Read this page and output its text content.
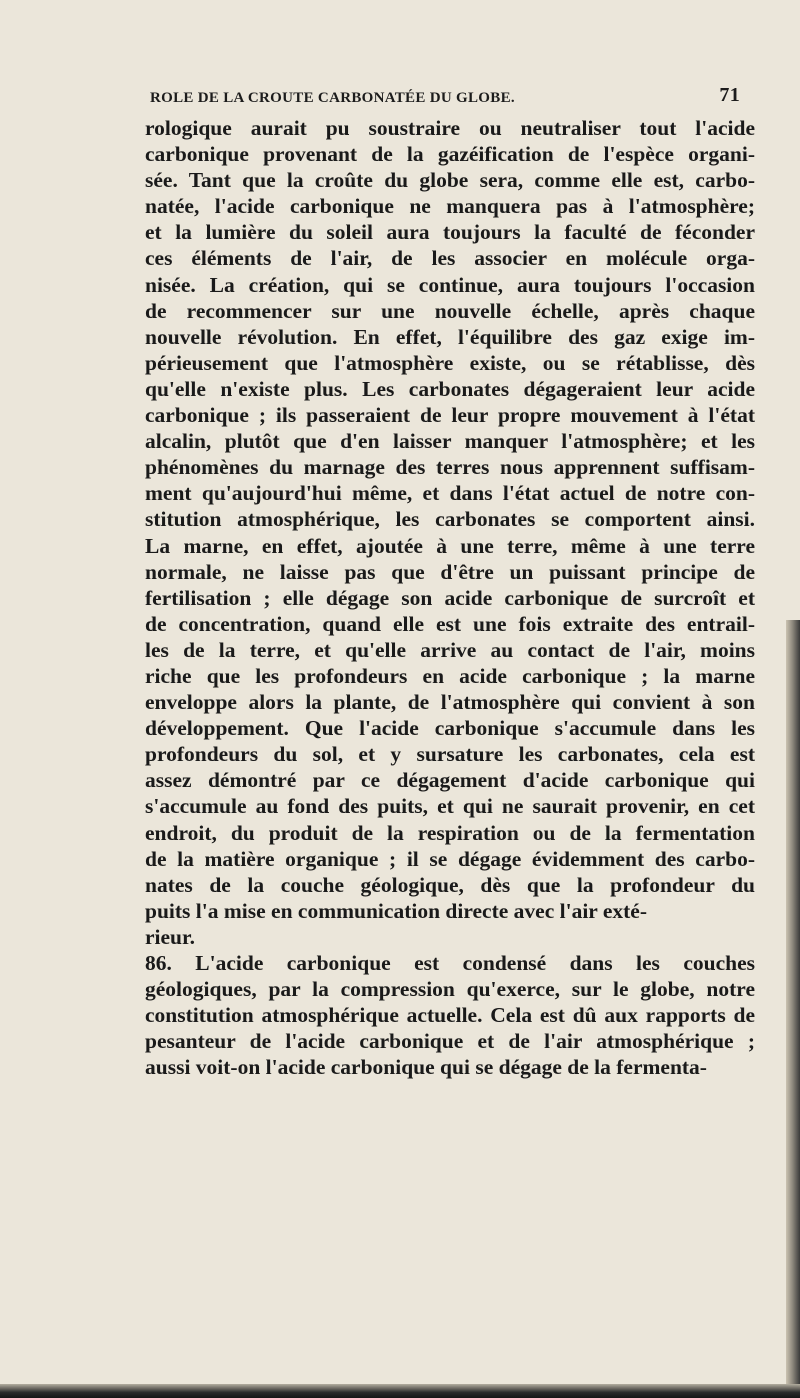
ROLE DE LA CROUTE CARBONATÉE DU GLOBE.	71
rologique aurait pu soustraire ou neutraliser tout l'acide
carbonique provenant de la gazéification de l'espèce organi-
sée. Tant que la croûte du globe sera, comme elle est, carbo-
natée, l'acide carbonique ne manquera pas à l'atmosphère;
et la lumière du soleil aura toujours la faculté de féconder
ces éléments de l'air, de les associer en molécule orga-
nisée. La création, qui se continue, aura toujours l'occasion
de recommencer sur une nouvelle échelle, après chaque
nouvelle révolution. En effet, l'équilibre des gaz exige im-
périeusement que l'atmosphère existe, ou se rétablisse, dès
qu'elle n'existe plus. Les carbonates dégageraient leur acide
carbonique ; ils passeraient de leur propre mouvement à l'état
alcalin, plutôt que d'en laisser manquer l'atmosphère; et les
phénomènes du marnage des terres nous apprennent suffisam-
ment qu'aujourd'hui même, et dans l'état actuel de notre con-
stitution atmosphérique, les carbonates se comportent ainsi.
La marne, en effet, ajoutée à une terre, même à une terre
normale, ne laisse pas que d'être un puissant principe de
fertilisation ; elle dégage son acide carbonique de surcroît et
de concentration, quand elle est une fois extraite des entrail-
les de la terre, et qu'elle arrive au contact de l'air, moins
riche que les profondeurs en acide carbonique ; la marne
enveloppe alors la plante, de l'atmosphère qui convient à son
développement. Que l'acide carbonique s'accumule dans les
profondeurs du sol, et y sursature les carbonates, cela est
assez démontré par ce dégagement d'acide carbonique qui
s'accumule au fond des puits, et qui ne saurait provenir, en cet
endroit, du produit de la respiration ou de la fermentation
de la matière organique ; il se dégage évidemment des carbo-
nates de la couche géologique, dès que la profondeur du
puits l'a mise en communication directe avec l'air exté-
rieur.
86. L'acide carbonique est condensé dans les couches
géologiques, par la compression qu'exerce, sur le globe, notre
constitution atmosphérique actuelle. Cela est dû aux rapports de
pesanteur de l'acide carbonique et de l'air atmosphérique ;
aussi voit-on l'acide carbonique qui se dégage de la fermenta-
